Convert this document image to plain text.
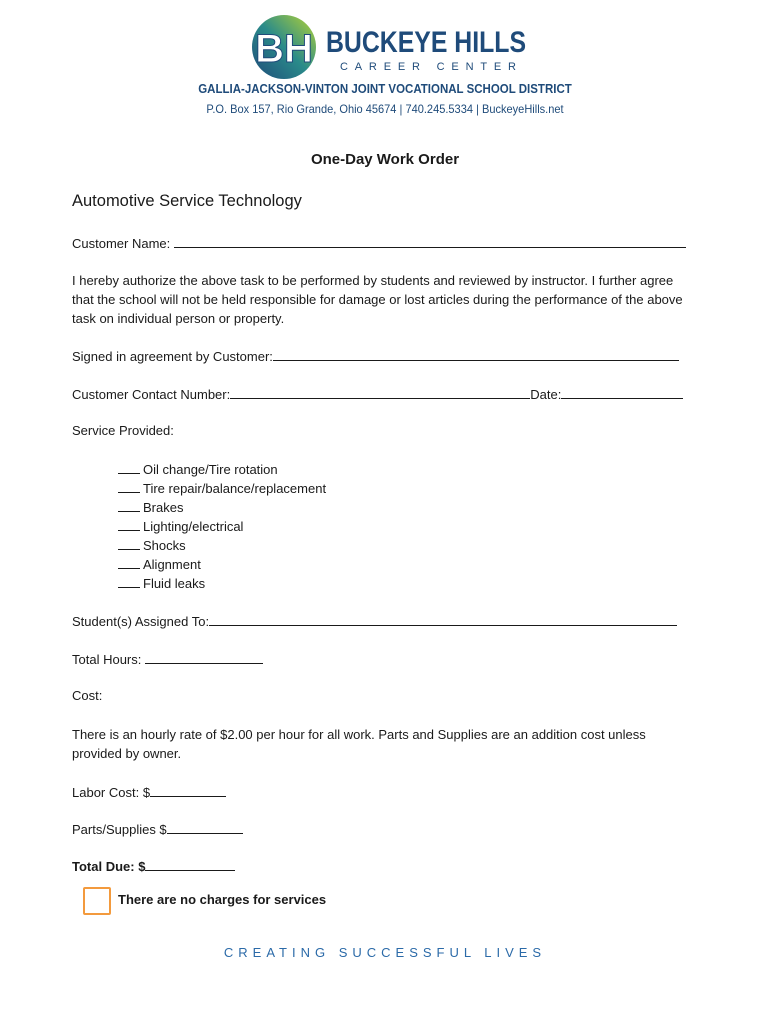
BH BUCKEYE HILLS
CAREER CENTER
GALLIA-JACKSON-VINTON JOINT VOCATIONAL SCHOOL DISTRICT
P.O. Box 157, Rio Grande, Ohio 45674 | 740.245.5334 | BuckeyeHills.net
One-Day Work Order
Automotive Service Technology
Customer Name:
I hereby authorize the above task to be performed by students and reviewed by instructor. I further agree that the school will not be held responsible for damage or lost articles during the performance of the above task on individual person or property.
Signed in agreement by Customer:
Customer Contact Number:	Date:
Service Provided:
Oil change/Tire rotation
Tire repair/balance/replacement
Brakes
Lighting/electrical
Shocks
Alignment
Fluid leaks
Student(s) Assigned To:
Total Hours:
Cost:
There is an hourly rate of $2.00 per hour for all work. Parts and Supplies are an addition cost unless provided by owner.
Labor Cost: $
Parts/Supplies $
Total Due: $
There are no charges for services
CREATING SUCCESSFUL LIVES
